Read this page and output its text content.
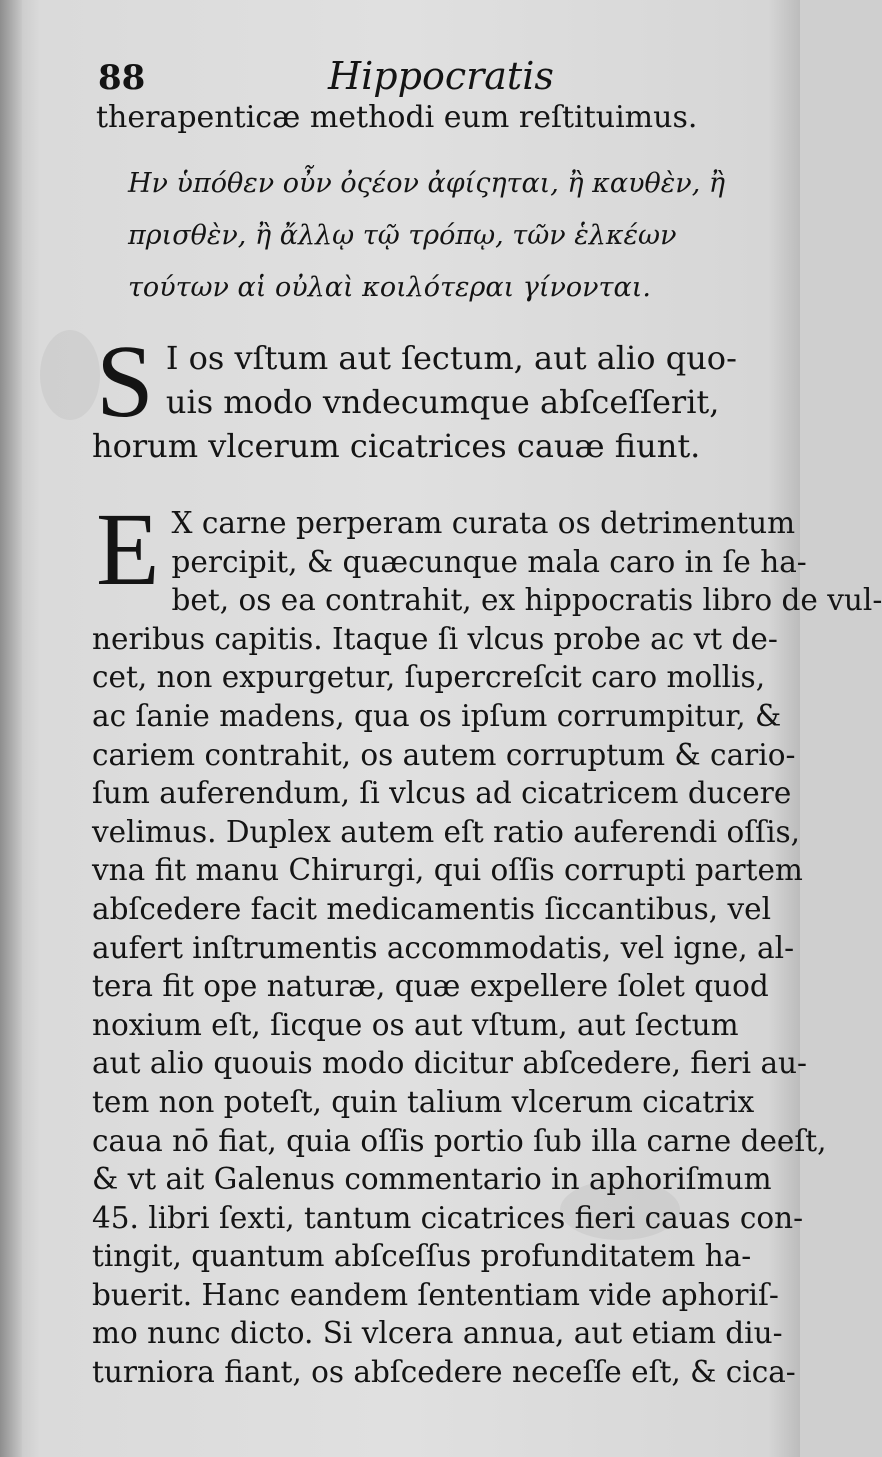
88	Hippocratis
therapenticæ methodi eum reſtituimus.
Ην ὑπόθεν οὖν ὀςέον ἀφίςηται, ἢ καυθὲν, ἢ
πρισθὲν, ἢ ἄλλῳ τῷ τρόπῳ, τῶν ἑλκέων
τούτων αἱ οὐλαὶ κοιλότεραι γίνονται.
S I os vſtum aut ſectum, aut alio quo-
uis modo vndecumque abſceſſerit,
horum vlcerum cicatrices cauæ fiunt.
E X carne perperam curata os detrimentum
percipit, & quæcunque mala caro in ſe ha-
bet, os ea contrahit, ex hippocratis libro de vul-
neribus capitis. Itaque ſi vlcus probe ac vt de-
cet, non expurgetur, ſupercreſcit caro mollis,
ac ſanie madens, qua os ipſum corrumpitur, &
cariem contrahit, os autem corruptum & cario-
ſum auferendum, ſi vlcus ad cicatricem ducere
velimus. Duplex autem eſt ratio auferendi oſſis,
vna fit manu Chirurgi, qui oſſis corrupti partem
abſcedere facit medicamentis ſiccantibus, vel
aufert inſtrumentis accommodatis, vel igne, al-
tera fit ope naturæ, quæ expellere ſolet quod
noxium eſt, ſicque os aut vſtum, aut ſectum
aut alio quouis modo dicitur abſcedere, fieri au-
tem non poteſt, quin talium vlcerum cicatrix
caua nō fiat, quia oſſis portio ſub illa carne deeſt,
& vt ait Galenus commentario in aphoriſmum
45. libri ſexti, tantum cicatrices fieri cauas con-
tingit, quantum abſceſſus profunditatem ha-
buerit. Hanc eandem ſententiam vide aphoriſ-
mo nunc dicto. Si vlcera annua, aut etiam diu-
turniora fiant, os abſcedere neceſſe eſt, & cica-
